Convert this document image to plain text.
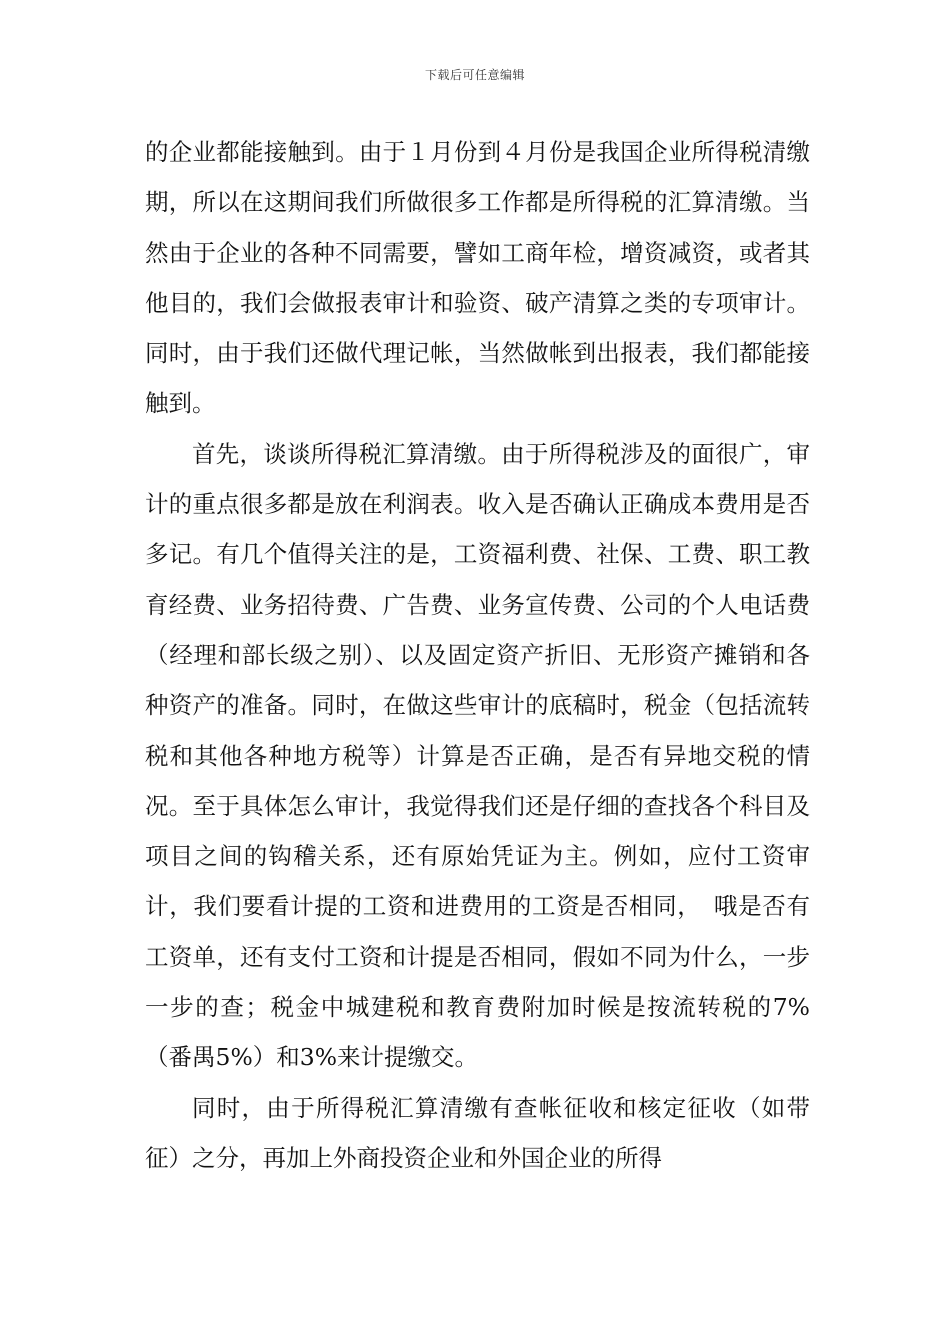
下载后可任意编辑

的企业都能接触到。由于１月份到４月份是我国企业所得税清缴期，所以在这期间我们所做很多工作都是所得税的汇算清缴。当然由于企业的各种不同需要，譬如工商年检，增资减资，或者其他目的，我们会做报表审计和验资、破产清算之类的专项审计。同时，由于我们还做代理记帐，当然做帐到出报表，我们都能接触到。

首先，谈谈所得税汇算清缴。由于所得税涉及的面很广，审计的重点很多都是放在利润表。收入是否确认正确成本费用是否多记。有几个值得关注的是，工资福利费、社保、工费、职工教育经费、业务招待费、广告费、业务宣传费、公司的个人电话费（经理和部长级之别）、以及固定资产折旧、无形资产摊销和各种资产的准备。同时，在做这些审计的底稿时，税金（包括流转税和其他各种地方税等）计算是否正确，是否有异地交税的情况。至于具体怎么审计，我觉得我们还是仔细的查找各个科目及项目之间的钩稽关系，还有原始凭证为主。例如，应付工资审计，我们要看计提的工资和进费用的工资是否相同，　哦是否有工资单，还有支付工资和计提是否相同，假如不同为什么，一步一步的查；税金中城建税和教育费附加时候是按流转税的7%（番禺5%）和3%来计提缴交。

同时，由于所得税汇算清缴有查帐征收和核定征收（如带征）之分，再加上外商投资企业和外国企业的所得
